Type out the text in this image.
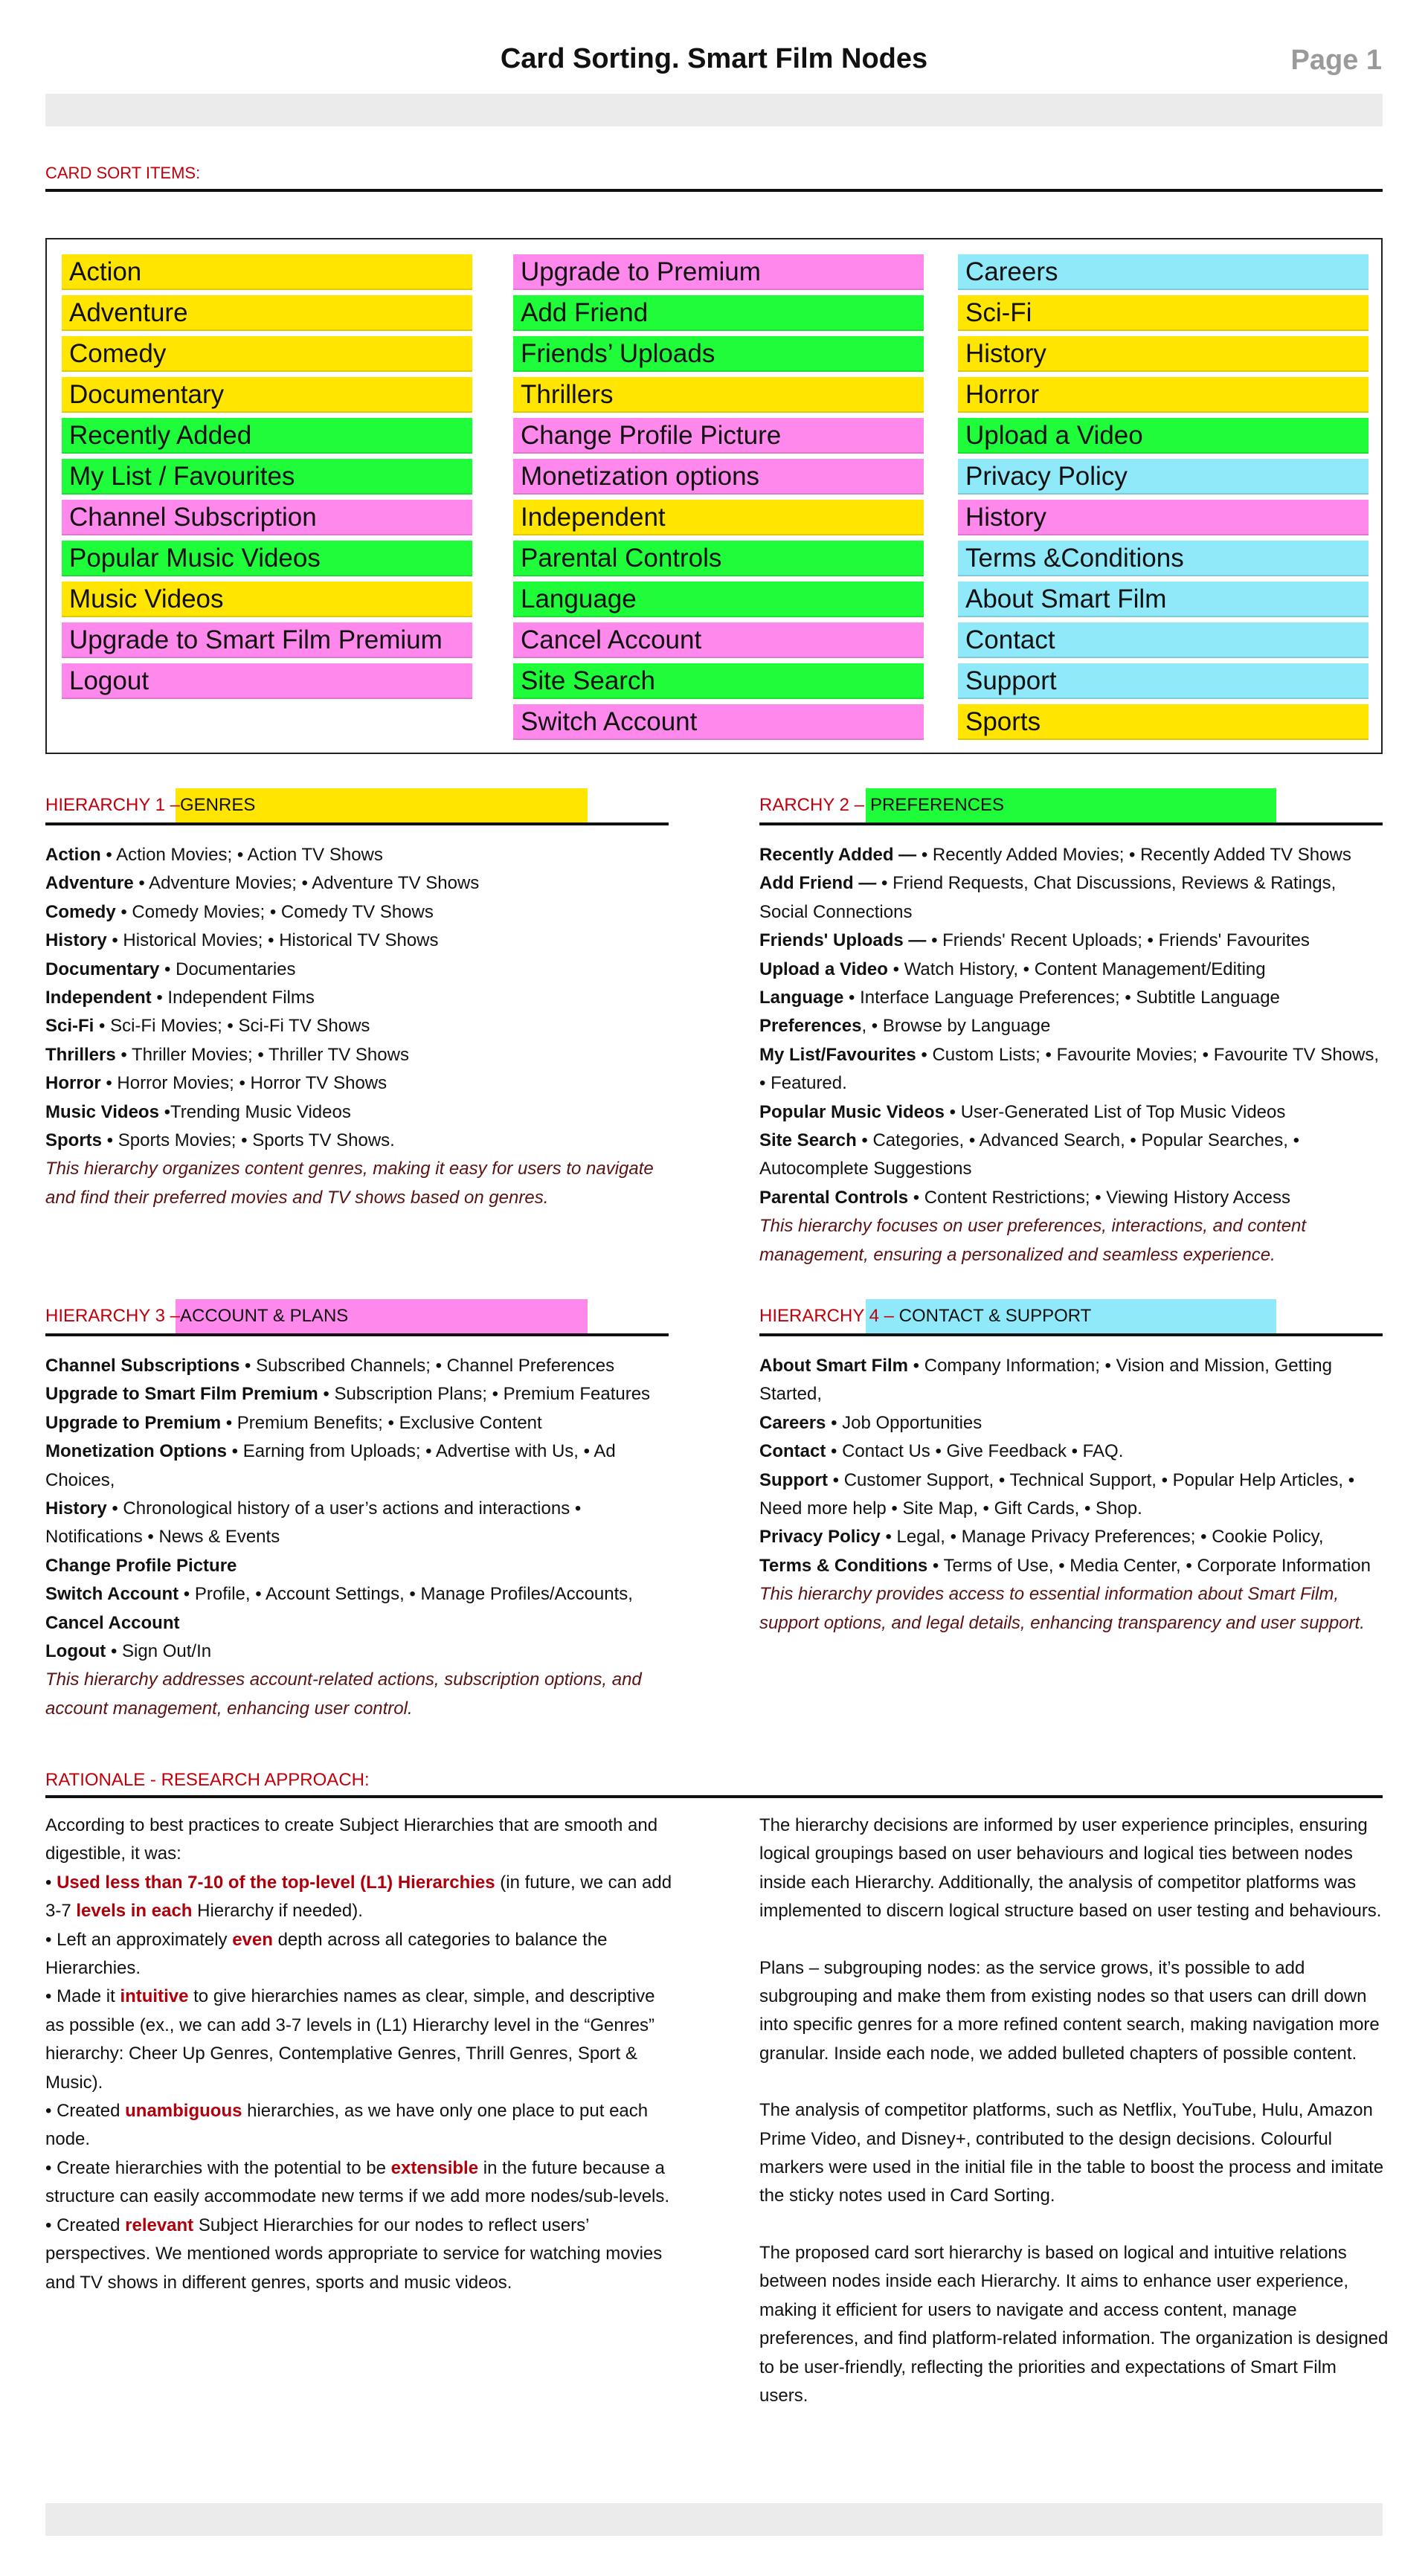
Card Sorting. Smart Film Nodes	Page 1
CARD SORT ITEMS:
Action
Adventure
Comedy
Documentary
Recently Added
My List / Favourites
Channel Subscription
Popular Music Videos
Music Videos
Upgrade to Smart Film Premium
Logout
Upgrade to Premium
Add Friend
Friends’ Uploads
Thrillers
Change Profile Picture
Monetization options
Independent
Parental Controls
Language
Cancel Account
Site Search
Switch Account
Careers
Sci-Fi
History
Horror
Upload a Video
Privacy Policy
History
Terms &Conditions
About Smart Film
Contact
Support
Sports
GENRES
HIERARCHY 1 –
Action • Action Movies; • Action TV Shows
Adventure • Adventure Movies; • Adventure TV Shows
Comedy • Comedy Movies; • Comedy TV Shows
History • Historical Movies; • Historical TV Shows
Documentary • Documentaries
Independent • Independent Films
Sci-Fi • Sci-Fi Movies; • Sci-Fi TV Shows
Thrillers • Thriller Movies; • Thriller TV Shows
Horror • Horror Movies; • Horror TV Shows
Music Videos •Trending Music Videos
Sports • Sports Movies; • Sports TV Shows.
This hierarchy organizes content genres, making it easy for users to navigate and find their preferred movies and TV shows based on genres.
PREFERENCES
RARCHY 2 –
Recently Added — • Recently Added Movies; • Recently Added TV Shows
Add Friend — • Friend Requests, Chat Discussions, Reviews & Ratings, Social Connections
Friends' Uploads — • Friends' Recent Uploads; • Friends' Favourites
Upload a Video • Watch History, • Content Management/Editing
Language • Interface Language Preferences; • Subtitle Language
Preferences, • Browse by Language
My List/Favourites • Custom Lists; • Favourite Movies; • Favourite TV Shows, • Featured.
Popular Music Videos • User-Generated List of Top Music Videos
Site Search • Categories, • Advanced Search, • Popular Searches, • Autocomplete Suggestions
Parental Controls • Content Restrictions; • Viewing History Access
This hierarchy focuses on user preferences, interactions, and content management, ensuring a personalized and seamless experience.
ACCOUNT & PLANS
HIERARCHY 3 –
Channel Subscriptions • Subscribed Channels; • Channel Preferences
Upgrade to Smart Film Premium • Subscription Plans; • Premium Features
Upgrade to Premium • Premium Benefits; • Exclusive Content
Monetization Options • Earning from Uploads; • Advertise with Us, • Ad Choices,
History • Chronological history of a user’s actions and interactions • Notifications • News & Events
Change Profile Picture
Switch Account • Profile, • Account Settings, • Manage Profiles/Accounts,
Cancel Account
Logout • Sign Out/In
This hierarchy addresses account-related actions, subscription options, and account management, enhancing user control.
HIERARCHY 4 – CONTACT & SUPPORT
About Smart Film • Company Information; • Vision and Mission, Getting Started,
Careers • Job Opportunities
Contact • Contact Us • Give Feedback • FAQ.
Support • Customer Support, • Technical Support, • Popular Help Articles, • Need more help • Site Map, • Gift Cards, • Shop.
Privacy Policy • Legal, • Manage Privacy Preferences; • Cookie Policy,
Terms & Conditions • Terms of Use, • Media Center, • Corporate Information
This hierarchy provides access to essential information about Smart Film, support options, and legal details, enhancing transparency and user support.
RATIONALE - RESEARCH APPROACH:
According to best practices to create Subject Hierarchies that are smooth and digestible, it was:
• Used less than 7-10 of the top-level (L1) Hierarchies (in future, we can add 3-7 levels in each Hierarchy if needed).
• Left an approximately even depth across all categories to balance the Hierarchies.
• Made it intuitive to give hierarchies names as clear, simple, and descriptive as possible (ex., we can add 3-7 levels in (L1) Hierarchy level in the “Genres” hierarchy: Cheer Up Genres, Contemplative Genres, Thrill Genres, Sport & Music).
• Created unambiguous hierarchies, as we have only one place to put each node.
• Create hierarchies with the potential to be extensible in the future because a structure can easily accommodate new terms if we add more nodes/sub-levels.
• Created relevant Subject Hierarchies for our nodes to reflect users’ perspectives. We mentioned words appropriate to service for watching movies and TV shows in different genres, sports and music videos.
The hierarchy decisions are informed by user experience principles, ensuring logical groupings based on user behaviours and logical ties between nodes inside each Hierarchy. Additionally, the analysis of competitor platforms was implemented to discern logical structure based on user testing and behaviours.
Plans – subgrouping nodes: as the service grows, it’s possible to add subgrouping and make them from existing nodes so that users can drill down into specific genres for a more refined content search, making navigation more granular. Inside each node, we added bulleted chapters of possible content.
The analysis of competitor platforms, such as Netflix, YouTube, Hulu, Amazon Prime Video, and Disney+, contributed to the design decisions. Colourful markers were used in the initial file in the table to boost the process and imitate the sticky notes used in Card Sorting.
The proposed card sort hierarchy is based on logical and intuitive relations between nodes inside each Hierarchy. It aims to enhance user experience, making it efficient for users to navigate and access content, manage preferences, and find platform-related information. The organization is designed to be user-friendly, reflecting the priorities and expectations of Smart Film users.
